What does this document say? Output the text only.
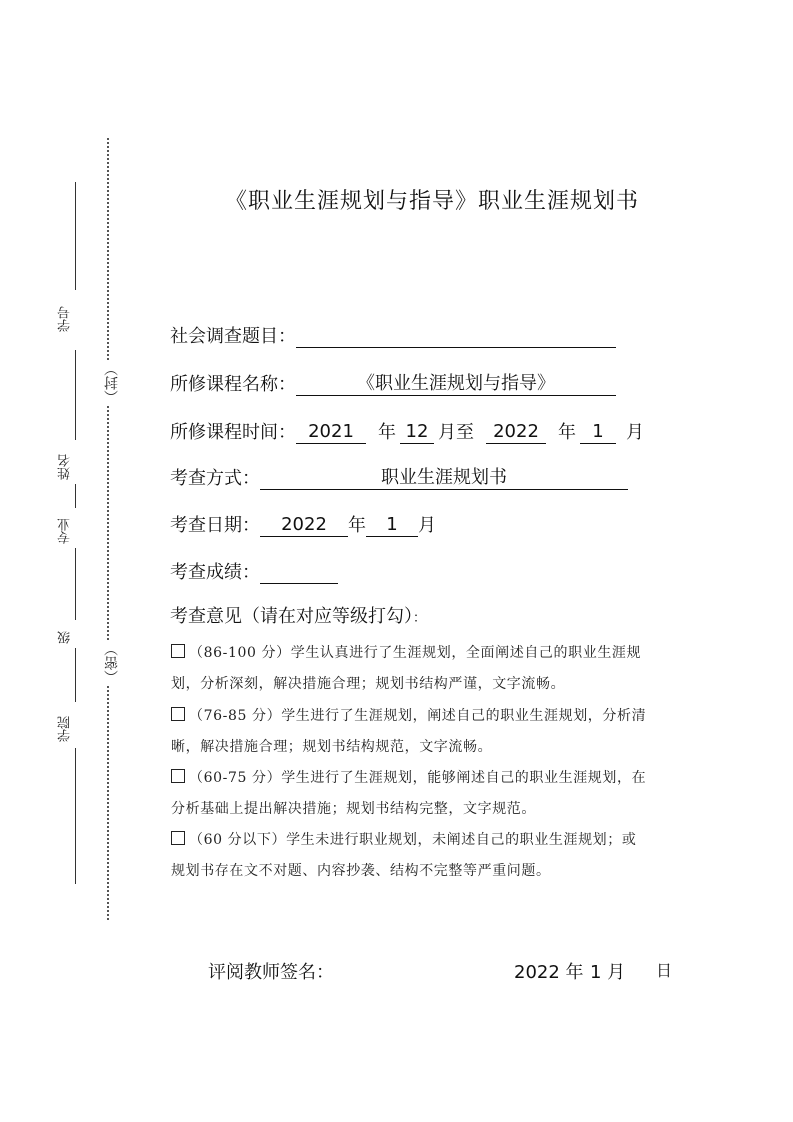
学号
姓名
专业
级
学院
（封）
（密）
《职业生涯规划与指导》职业生涯规划书
社会调查题目：
所修课程名称：	《职业生涯规划与指导》
所修课程时间： 2021 年 12 月至 2022 年 1 月
考查方式：	职业生涯规划书
考查日期： 2022 年 1 月
考查成绩：
考查意见（请在对应等级打勾）：
（86-100 分）学生认真进行了生涯规划，全面阐述自己的职业生涯规
划，分析深刻，解决措施合理；规划书结构严谨，文字流畅。
（76-85 分）学生进行了生涯规划，阐述自己的职业生涯规划，分析清
晰，解决措施合理；规划书结构规范，文字流畅。
（60-75 分）学生进行了生涯规划，能够阐述自己的职业生涯规划，在
分析基础上提出解决措施；规划书结构完整，文字规范。
（60 分以下）学生未进行职业规划，未阐述自己的职业生涯规划；或
规划书存在文不对题、内容抄袭、结构不完整等严重问题。
评阅教师签名：	2022 年 1 月 日
